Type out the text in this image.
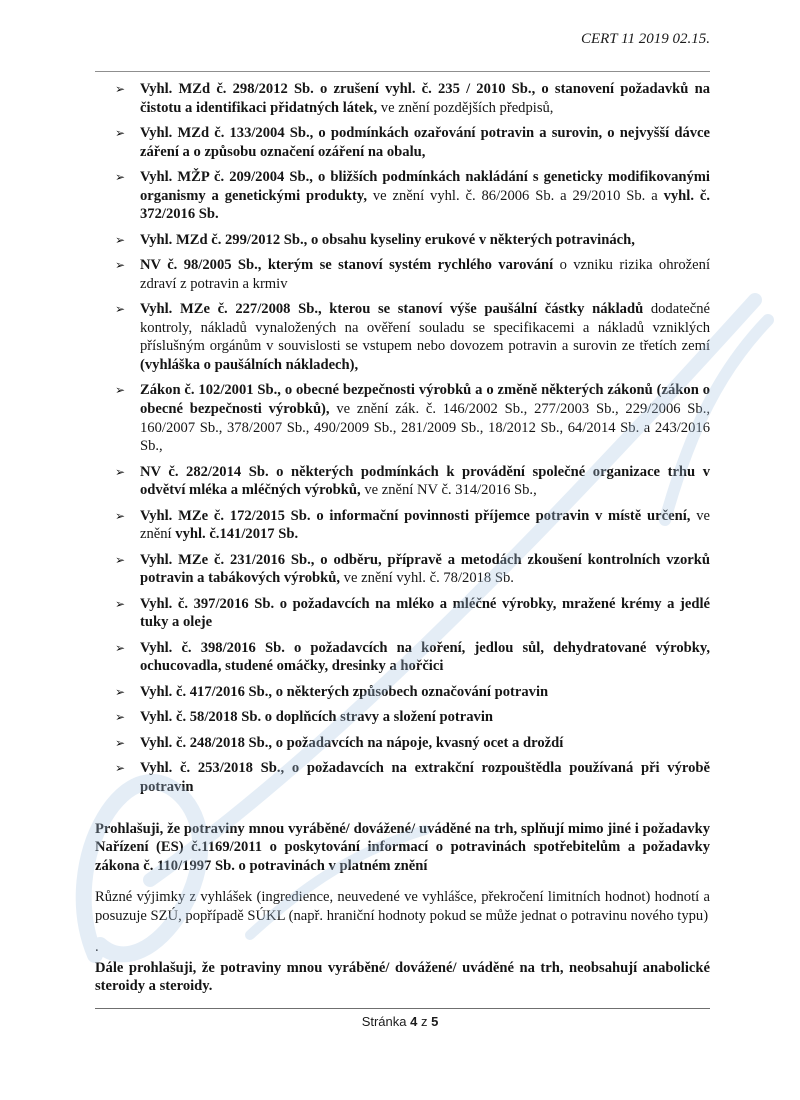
CERT 11 2019 02.15.
➢	Vyhl. MZd č. 298/2012 Sb. o zrušení vyhl. č. 235 / 2010 Sb., o stanovení požadavků na čistotu a identifikaci přidatných látek, ve znění pozdějších předpisů,
➢	Vyhl. MZd č. 133/2004 Sb., o podmínkách ozařování potravin a surovin, o nejvyšší dávce záření a o způsobu označení ozáření na obalu,
➢	Vyhl. MŽP č. 209/2004 Sb., o bližších podmínkách nakládání s geneticky modifikovanými organismy a genetickými produkty, ve znění vyhl. č. 86/2006 Sb. a 29/2010 Sb. a vyhl. č. 372/2016 Sb.
➢	Vyhl. MZd č. 299/2012 Sb., o obsahu kyseliny erukové v některých potravinách,
➢	NV č. 98/2005 Sb., kterým se stanoví systém rychlého varování o vzniku rizika ohrožení zdraví z potravin a krmiv
➢	Vyhl. MZe č. 227/2008 Sb., kterou se stanoví výše paušální částky nákladů dodatečné kontroly, nákladů vynaložených na ověření souladu se specifikacemi a nákladů vzniklých příslušným orgánům v souvislosti se vstupem nebo dovozem potravin a surovin ze třetích zemí (vyhláška o paušálních nákladech),
➢	Zákon č. 102/2001 Sb., o obecné bezpečnosti výrobků a o změně některých zákonů (zákon o obecné bezpečnosti výrobků), ve znění zák. č. 146/2002 Sb., 277/2003 Sb., 229/2006 Sb., 160/2007 Sb., 378/2007 Sb., 490/2009 Sb., 281/2009 Sb., 18/2012 Sb., 64/2014 Sb. a 243/2016 Sb.,
➢	NV č. 282/2014 Sb. o některých podmínkách k provádění společné organizace trhu v odvětví mléka a mléčných výrobků, ve znění NV č. 314/2016 Sb.,
➢	Vyhl. MZe č. 172/2015 Sb. o informační povinnosti příjemce potravin v místě určení, ve znění vyhl. č.141/2017 Sb.
➢	Vyhl. MZe č. 231/2016 Sb., o odběru, přípravě a metodách zkoušení kontrolních vzorků potravin a tabákových výrobků, ve znění vyhl. č. 78/2018 Sb.
➢	Vyhl. č. 397/2016 Sb. o požadavcích na mléko a mléčné výrobky, mražené krémy a jedlé tuky a oleje
➢	Vyhl. č. 398/2016 Sb. o požadavcích na koření, jedlou sůl, dehydratované výrobky, ochucovadla, studené omáčky, dresinky a hořčici
➢	Vyhl. č. 417/2016 Sb., o některých způsobech označování potravin
➢	Vyhl. č. 58/2018 Sb. o doplňcích stravy a složení potravin
➢	Vyhl. č. 248/2018 Sb., o požadavcích na nápoje, kvasný ocet a droždí
➢	Vyhl. č. 253/2018 Sb., o požadavcích na extrakční rozpouštědla používaná při výrobě potravin

Prohlašuji, že potraviny mnou vyráběné/ dovážené/ uváděné na trh, splňují mimo jiné i požadavky Nařízení (ES) č.1169/2011 o poskytování informací o potravinách spotřebitelům a požadavky zákona č. 110/1997 Sb. o potravinách v platném znění

Různé výjimky z vyhlášek (ingredience, neuvedené ve vyhlášce, překročení limitních hodnot) hodnotí a posuzuje SZÚ, popřípadě SÚKL (např. hraniční hodnoty pokud se může jednat o potravinu nového typu)

.

Dále prohlašuji, že potraviny mnou vyráběné/ dovážené/ uváděné na trh, neobsahují anabolické steroidy a steroidy.

Stránka 4 z 5
